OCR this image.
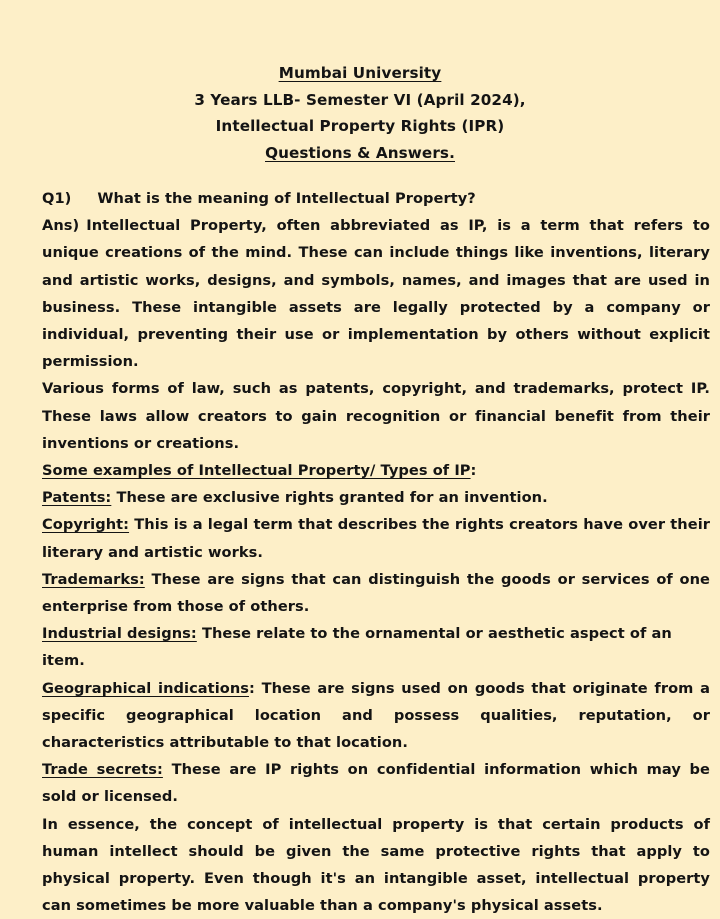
Mumbai University
3 Years LLB- Semester VI (April 2024),
Intellectual Property Rights (IPR)
Questions & Answers.

Q1) What is the meaning of Intellectual Property?

Ans) Intellectual Property, often abbreviated as IP, is a term that refers to unique creations of the mind. These can include things like inventions, literary and artistic works, designs, and symbols, names, and images that are used in business. These intangible assets are legally protected by a company or individual, preventing their use or implementation by others without explicit permission.

Various forms of law, such as patents, copyright, and trademarks, protect IP. These laws allow creators to gain recognition or financial benefit from their inventions or creations.

Some examples of Intellectual Property/ Types of IP:

Patents: These are exclusive rights granted for an invention.

Copyright: This is a legal term that describes the rights creators have over their literary and artistic works.

Trademarks: These are signs that can distinguish the goods or services of one enterprise from those of others.

Industrial designs: These relate to the ornamental or aesthetic aspect of an item.

Geographical indications: These are signs used on goods that originate from a specific geographical location and possess qualities, reputation, or characteristics attributable to that location.

Trade secrets: These are IP rights on confidential information which may be sold or licensed.

In essence, the concept of intellectual property is that certain products of human intellect should be given the same protective rights that apply to physical property. Even though it's an intangible asset, intellectual property can sometimes be more valuable than a company's physical assets.
